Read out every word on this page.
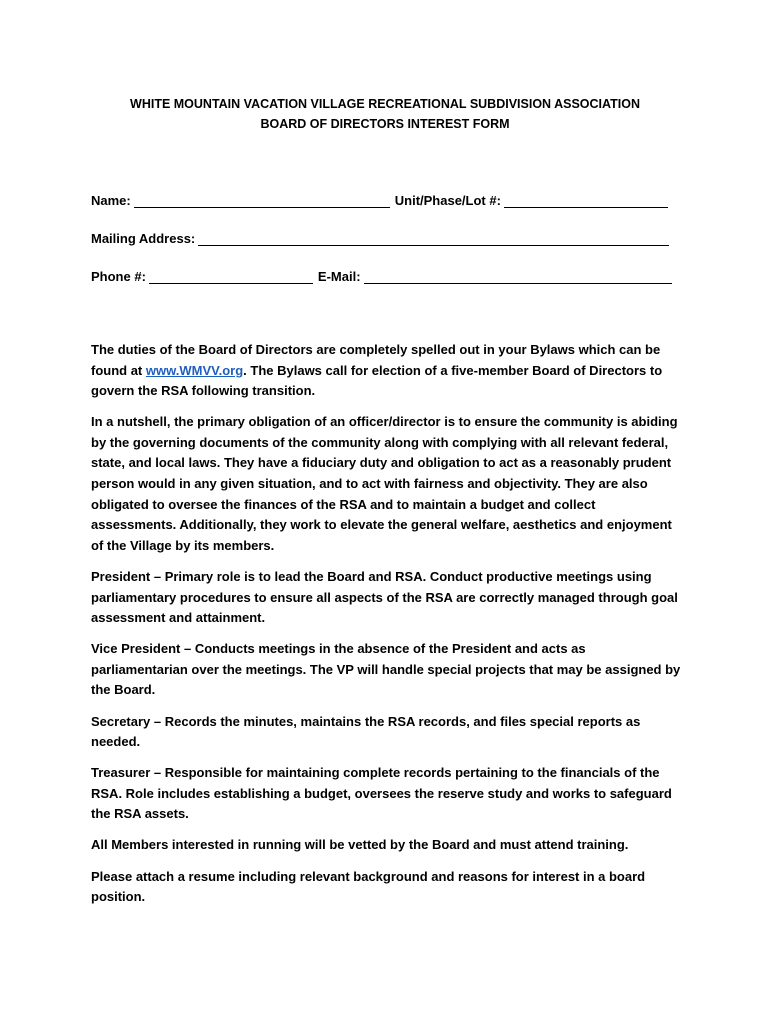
WHITE MOUNTAIN VACATION VILLAGE RECREATIONAL SUBDIVISION ASSOCIATION
BOARD OF DIRECTORS INTEREST FORM
Name:	Unit/Phase/Lot #:
Mailing Address:
Phone #:	E-Mail:

The duties of the Board of Directors are completely spelled out in your Bylaws which can be found at www.WMVV.org. The Bylaws call for election of a five-member Board of Directors to govern the RSA following transition.

In a nutshell, the primary obligation of an officer/director is to ensure the community is abiding by the governing documents of the community along with complying with all relevant federal, state, and local laws. They have a fiduciary duty and obligation to act as a reasonably prudent person would in any given situation, and to act with fairness and objectivity. They are also obligated to oversee the finances of the RSA and to maintain a budget and collect assessments. Additionally, they work to elevate the general welfare, aesthetics and enjoyment of the Village by its members.

President – Primary role is to lead the Board and RSA. Conduct productive meetings using parliamentary procedures to ensure all aspects of the RSA are correctly managed through goal assessment and attainment.

Vice President – Conducts meetings in the absence of the President and acts as parliamentarian over the meetings. The VP will handle special projects that may be assigned by the Board.

Secretary – Records the minutes, maintains the RSA records, and files special reports as needed.

Treasurer – Responsible for maintaining complete records pertaining to the financials of the RSA. Role includes establishing a budget, oversees the reserve study and works to safeguard the RSA assets.

All Members interested in running will be vetted by the Board and must attend training.

Please attach a resume including relevant background and reasons for interest in a board position.
